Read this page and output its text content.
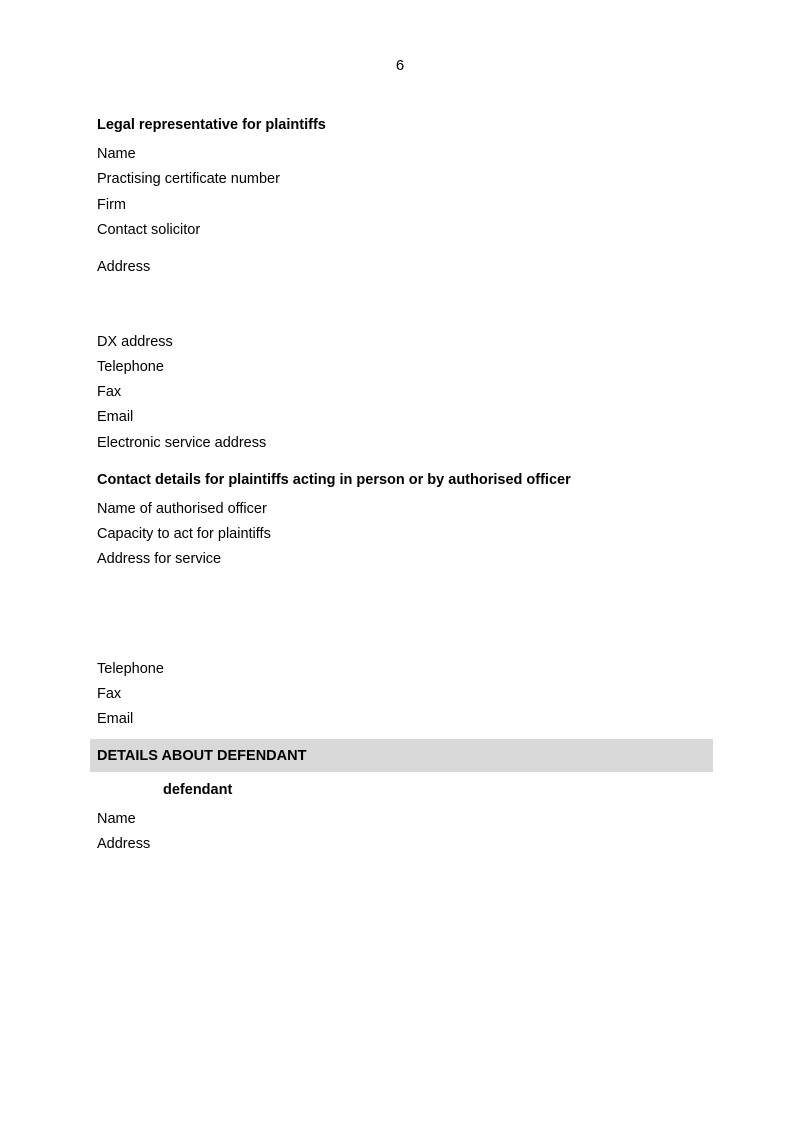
6
Legal representative for plaintiffs
Name
Practising certificate number
Firm
Contact solicitor
Address
DX address
Telephone
Fax
Email
Electronic service address
Contact details for plaintiffs acting in person or by authorised officer
Name of authorised officer
Capacity to act for plaintiffs
Address for service
Telephone
Fax
Email
DETAILS ABOUT DEFENDANT
defendant
Name
Address
